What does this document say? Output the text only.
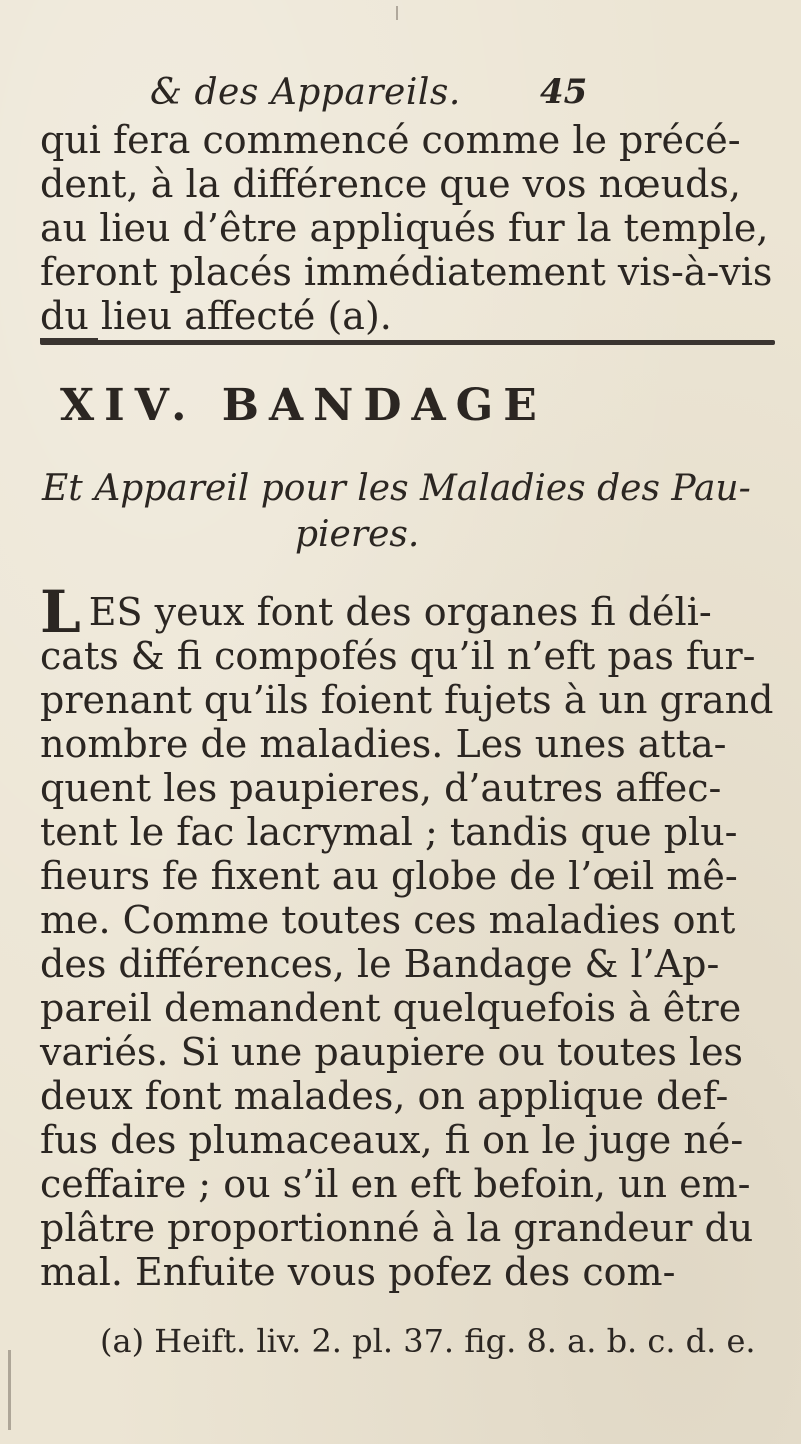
& des Appareils. 45
qui fera commencé comme le précé-
dent, à la différence que vos nœuds,
au lieu d’être appliqués fur la temple,
feront placés immédiatement vis-à-vis
du lieu affecté (a).
XIV. BANDAGE
Et Appareil pour les Maladies des Pau-
pieres.
LES yeux font des organes fi déli-
cats & fi compofés qu’il n’eft pas fur-
prenant qu’ils foient fujets à un grand
nombre de maladies. Les unes atta-
quent les paupieres, d’autres affec-
tent le fac lacrymal ; tandis que plu-
fieurs fe fixent au globe de l’œil mê-
me. Comme toutes ces maladies ont
des différences, le Bandage & l’Ap-
pareil demandent quelquefois à être
variés. Si une paupiere ou toutes les
deux font malades, on applique def-
fus des plumaceaux, fi on le juge né-
ceffaire ; ou s’il en eft befoin, un em-
plâtre proportionné à la grandeur du
mal. Enfuite vous pofez des com-
(a) Heift. liv. 2. pl. 37. fig. 8. a. b. c. d. e.
